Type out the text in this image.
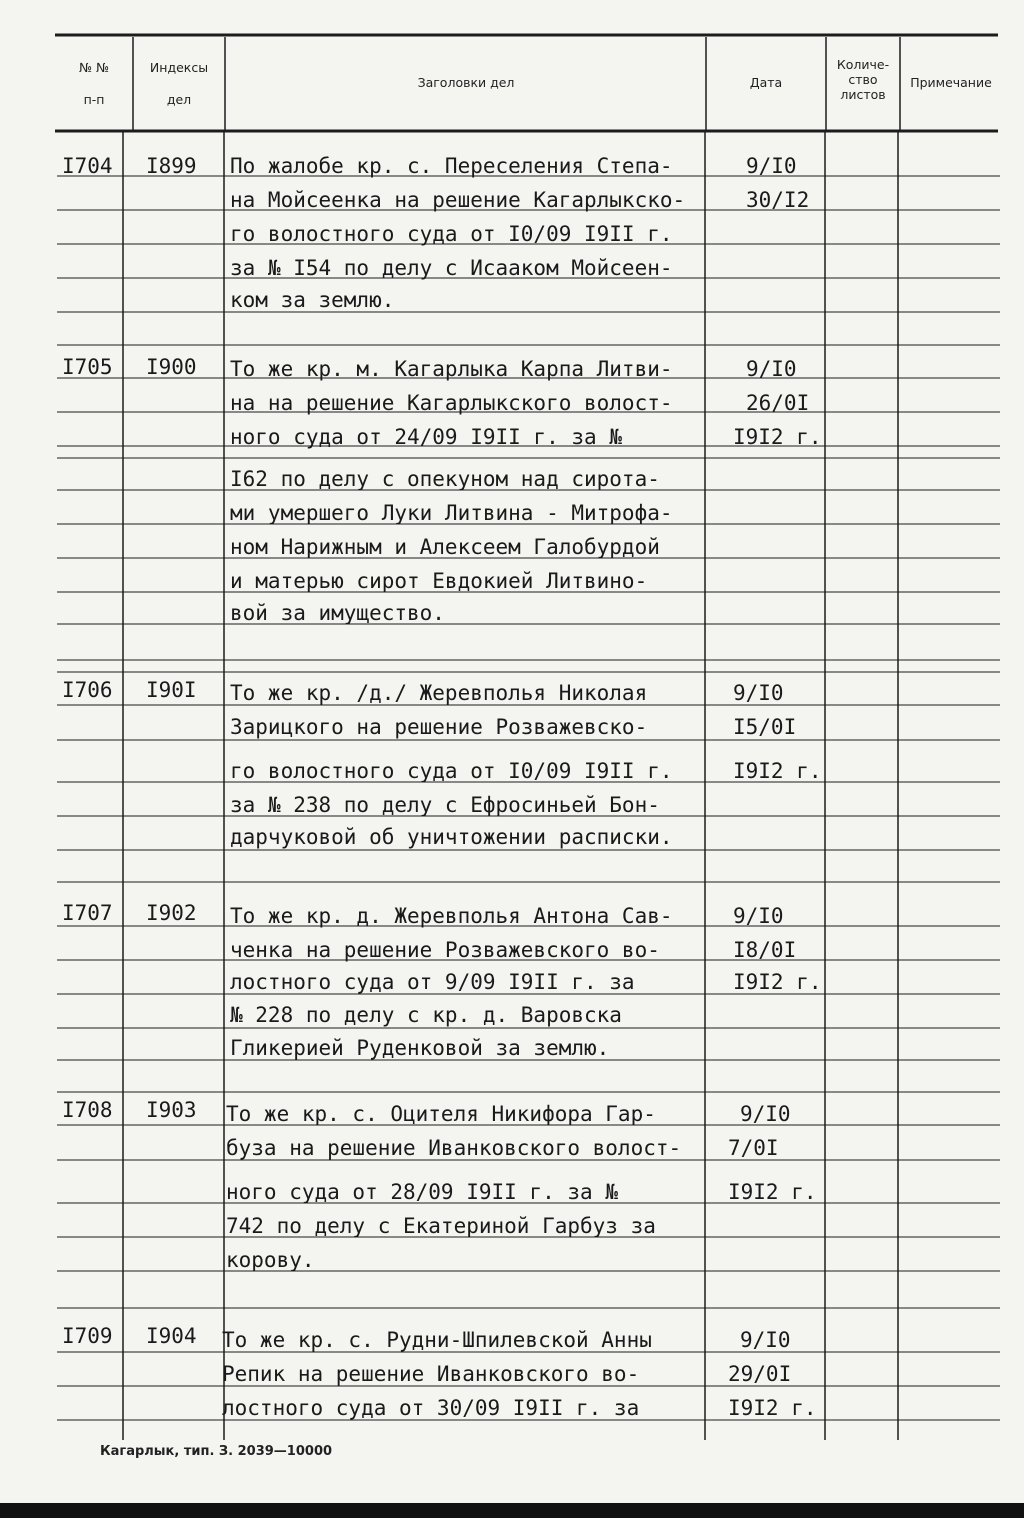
№ №
п-п
Индексы
дел
Заголовки дел	Дата
Количе-
ство
листов
Примечание
I704 I899 По жалобе кр. с. Переселения Степа-
на Мойсеенка на решение Кагарлыкско-
го волостного суда от I0/09 I9II г.
за № I54 по делу с Исааком Мойсеен-
ком за землю.
9/I0
30/I2
I705 I900 То же кр. м. Кагарлыка Карпа Литви-
на на решение Кагарлыкского волост-
ного суда от 24/09 I9II г. за №
I62 по делу с опекуном над сирота-
ми умершего Луки Литвина - Митрофа-
ном Нарижным и Алексеем Галобурдой
и матерью сирот Евдокией Литвино-
вой за имущество.
9/I0
26/0I
I9I2 г.
I706 I90I То же кр. /д./ Жеревполья Николая
Зарицкого на решение Розважевско-
го волостного суда от I0/09 I9II г.
за № 238 по делу с Ефросиньей Бон-
дарчуковой об уничтожении расписки.
9/I0
I5/0I
I9I2 г.
I707 I902 То же кр. д. Жеревполья Антона Сав-
ченка на решение Розважевского во-
лостного суда от 9/09 I9II г. за
№ 228 по делу с кр. д. Варовска
Гликерией Руденковой за землю.
9/I0
I8/0I
I9I2 г.
I708 I903 То же кр. с. Оцителя Никифора Гар-
буза на решение Иванковского волост-
ного суда от 28/09 I9II г. за №
742 по делу с Екатериной Гарбуз за
корову.
9/I0
7/0I
I9I2 г.
I709 I904 То же кр. с. Рудни-Шпилевской Анны
Репик на решение Иванковского во-
лостного суда от 30/09 I9II г. за
9/I0
29/0I
I9I2 г.
Кагарлык, тип. З. 2039—10000
